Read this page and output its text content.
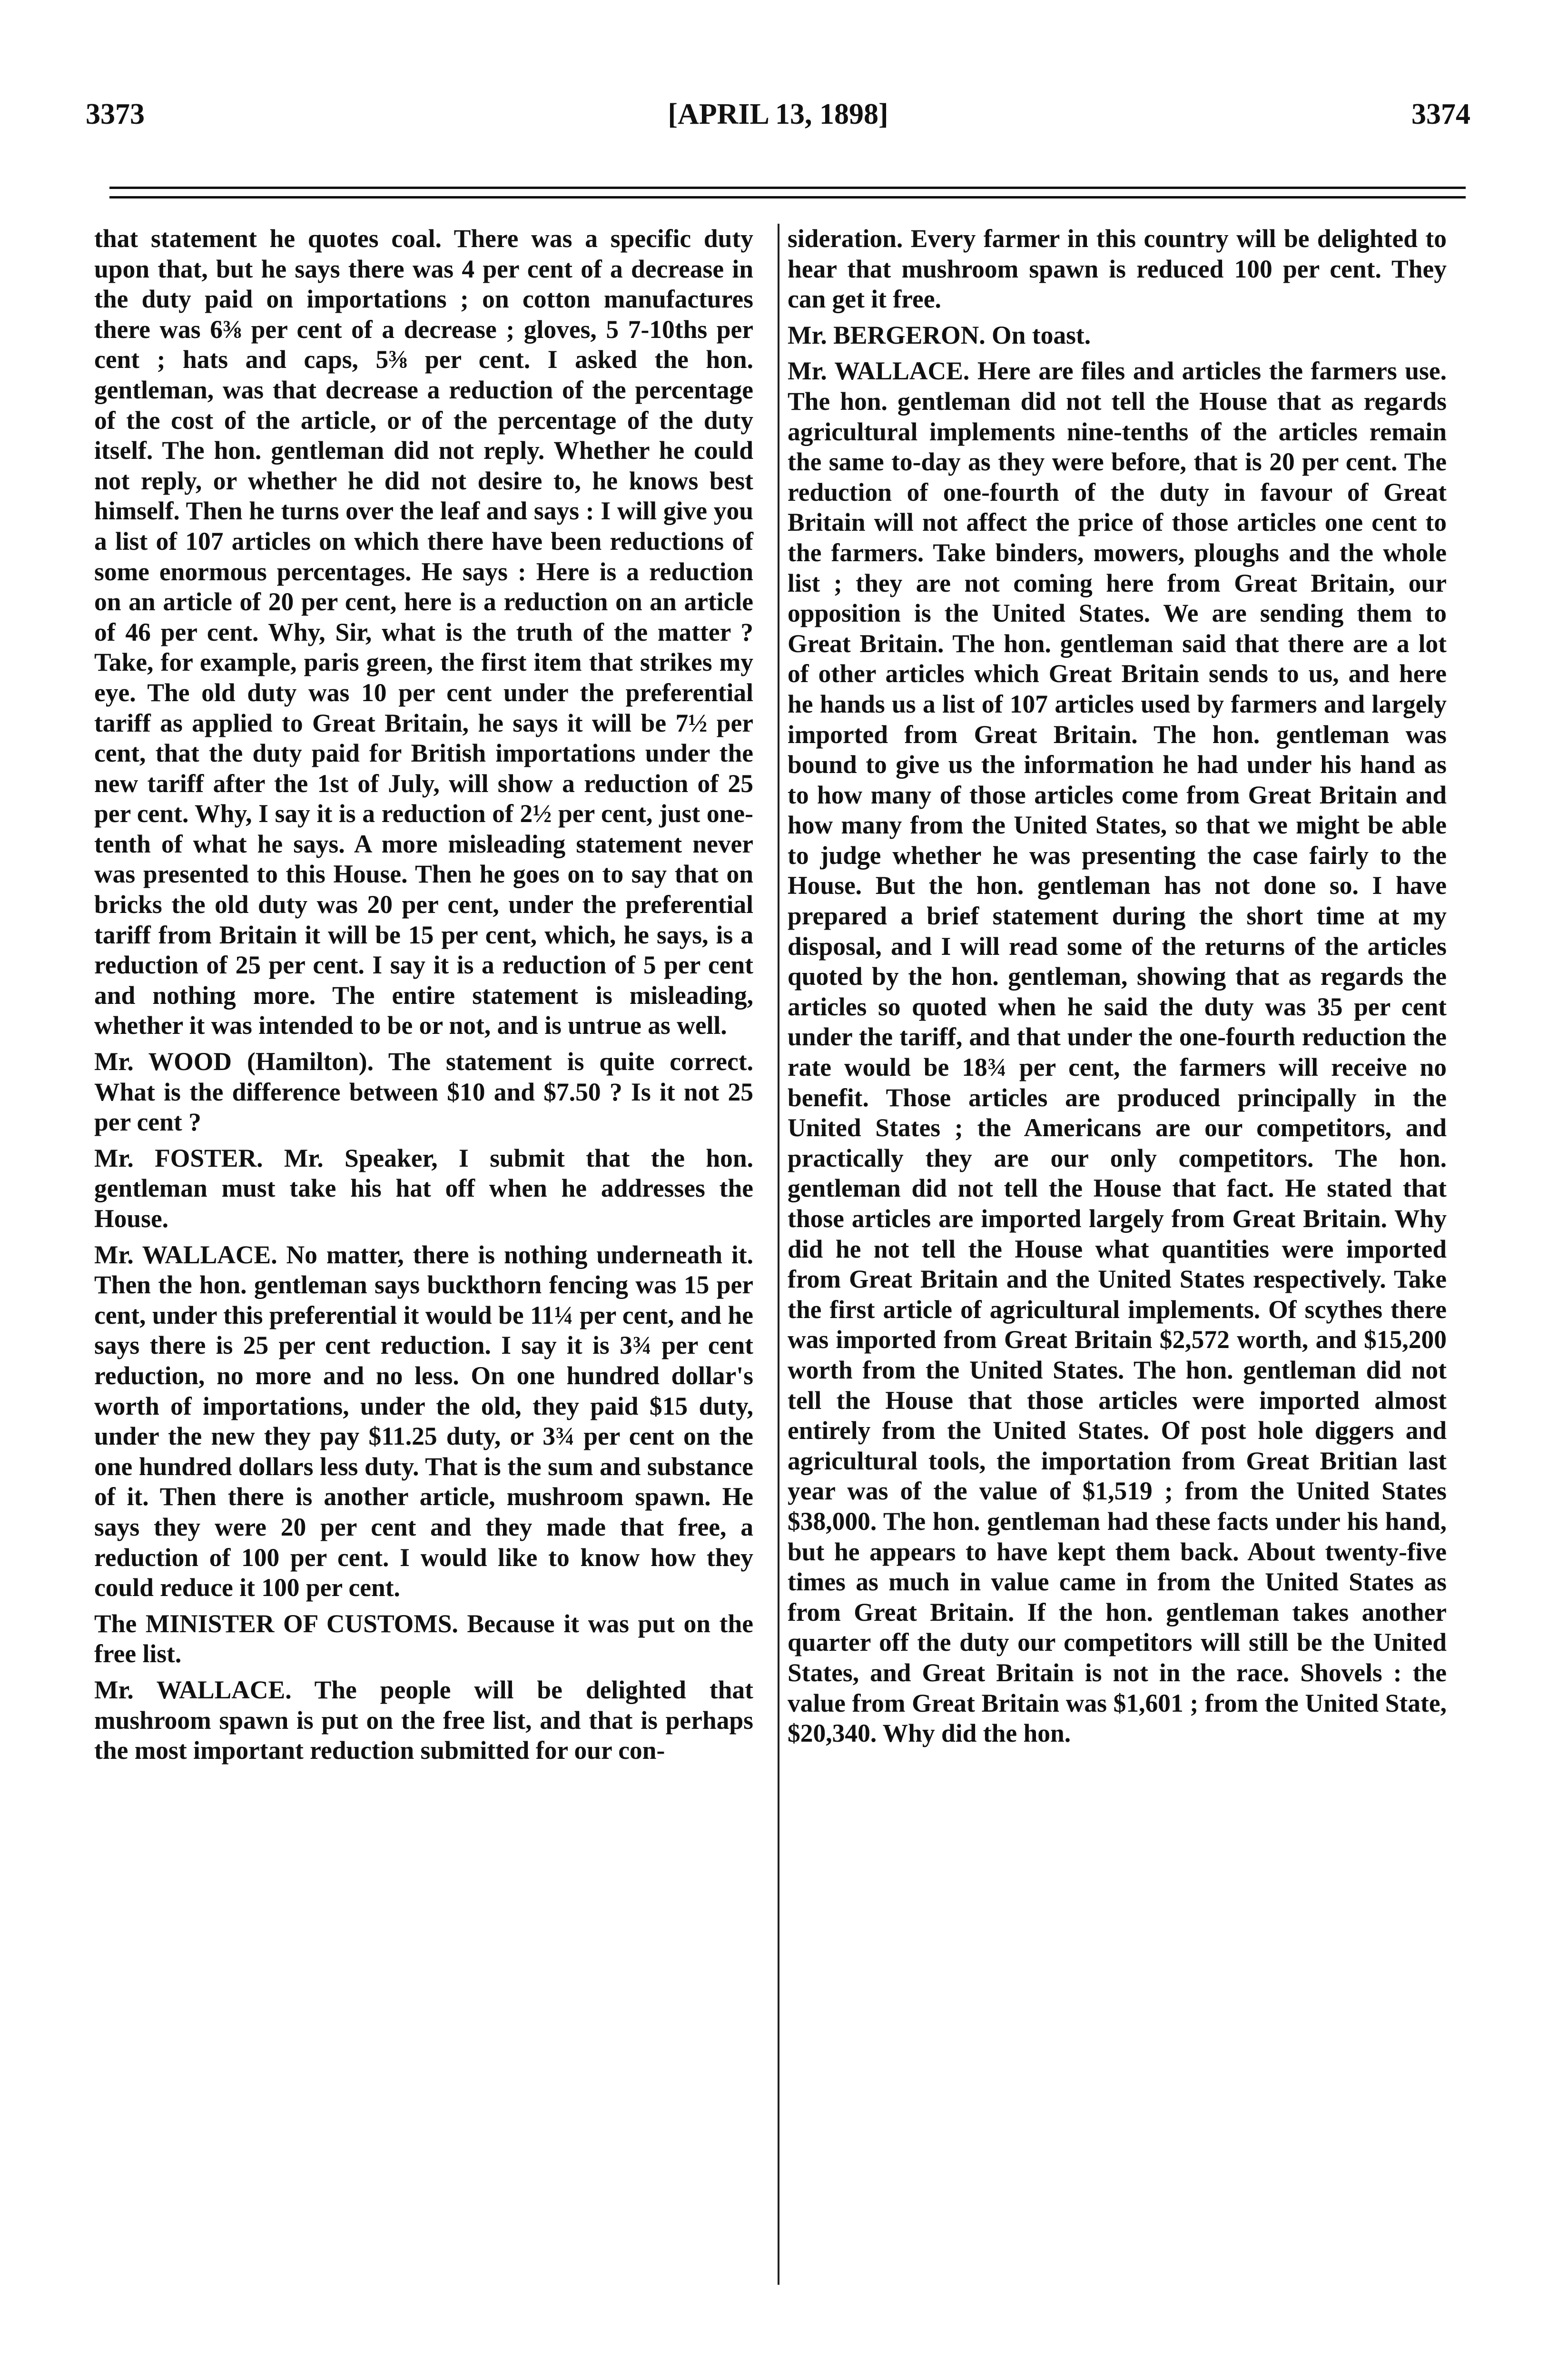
3373	[APRIL 13, 1898]	3374

that statement he quotes coal. There was a specific duty upon that, but he says there was 4 per cent of a decrease in the duty paid on importations ; on cotton manufactures there was 6⅜ per cent of a decrease ; gloves, 5 7-10ths per cent ; hats and caps, 5⅜ per cent. I asked the hon. gentleman, was that decrease a reduction of the percentage of the cost of the article, or of the percentage of the duty itself. The hon. gentleman did not reply. Whether he could not reply, or whether he did not desire to, he knows best himself. Then he turns over the leaf and says : I will give you a list of 107 articles on which there have been reductions of some enormous percentages. He says : Here is a reduction on an article of 20 per cent, here is a reduction on an article of 46 per cent. Why, Sir, what is the truth of the matter ? Take, for example, paris green, the first item that strikes my eye. The old duty was 10 per cent under the preferential tariff as applied to Great Britain, he says it will be 7½ per cent, that the duty paid for British importations under the new tariff after the 1st of July, will show a reduction of 25 per cent. Why, I say it is a reduction of 2½ per cent, just one-tenth of what he says. A more misleading statement never was presented to this House. Then he goes on to say that on bricks the old duty was 20 per cent, under the preferential tariff from Britain it will be 15 per cent, which, he says, is a reduction of 25 per cent. I say it is a reduction of 5 per cent and nothing more. The entire statement is misleading, whether it was intended to be or not, and is untrue as well.

Mr. WOOD (Hamilton). The statement is quite correct. What is the difference between $10 and $7.50 ? Is it not 25 per cent ?

Mr. FOSTER. Mr. Speaker, I submit that the hon. gentleman must take his hat off when he addresses the House.

Mr. WALLACE. No matter, there is nothing underneath it. Then the hon. gentleman says buckthorn fencing was 15 per cent, under this preferential it would be 11¼ per cent, and he says there is 25 per cent reduction. I say it is 3¾ per cent reduction, no more and no less. On one hundred dollar's worth of importations, under the old, they paid $15 duty, under the new they pay $11.25 duty, or 3¾ per cent on the one hundred dollars less duty. That is the sum and substance of it. Then there is another article, mushroom spawn. He says they were 20 per cent and they made that free, a reduction of 100 per cent. I would like to know how they could reduce it 100 per cent.

The MINISTER OF CUSTOMS. Because it was put on the free list.

Mr. WALLACE. The people will be delighted that mushroom spawn is put on the free list, and that is perhaps the most important reduction submitted for our con-

sideration. Every farmer in this country will be delighted to hear that mushroom spawn is reduced 100 per cent. They can get it free.

Mr. BERGERON. On toast.

Mr. WALLACE. Here are files and articles the farmers use. The hon. gentleman did not tell the House that as regards agricultural implements nine-tenths of the articles remain the same to-day as they were before, that is 20 per cent. The reduction of one-fourth of the duty in favour of Great Britain will not affect the price of those articles one cent to the farmers. Take binders, mowers, ploughs and the whole list ; they are not coming here from Great Britain, our opposition is the United States. We are sending them to Great Britain. The hon. gentleman said that there are a lot of other articles which Great Britain sends to us, and here he hands us a list of 107 articles used by farmers and largely imported from Great Britain. The hon. gentleman was bound to give us the information he had under his hand as to how many of those articles come from Great Britain and how many from the United States, so that we might be able to judge whether he was presenting the case fairly to the House. But the hon. gentleman has not done so. I have prepared a brief statement during the short time at my disposal, and I will read some of the returns of the articles quoted by the hon. gentleman, showing that as regards the articles so quoted when he said the duty was 35 per cent under the tariff, and that under the one-fourth reduction the rate would be 18¾ per cent, the farmers will receive no benefit. Those articles are produced principally in the United States ; the Americans are our competitors, and practically they are our only competitors. The hon. gentleman did not tell the House that fact. He stated that those articles are imported largely from Great Britain. Why did he not tell the House what quantities were imported from Great Britain and the United States respectively. Take the first article of agricultural implements. Of scythes there was imported from Great Britain $2,572 worth, and $15,200 worth from the United States. The hon. gentleman did not tell the House that those articles were imported almost entirely from the United States. Of post hole diggers and agricultural tools, the importation from Great Britian last year was of the value of $1,519 ; from the United States $38,000. The hon. gentleman had these facts under his hand, but he appears to have kept them back. About twenty-five times as much in value came in from the United States as from Great Britain. If the hon. gentleman takes another quarter off the duty our competitors will still be the United States, and Great Britain is not in the race. Shovels : the value from Great Britain was $1,601 ; from the United State, $20,340. Why did the hon.
